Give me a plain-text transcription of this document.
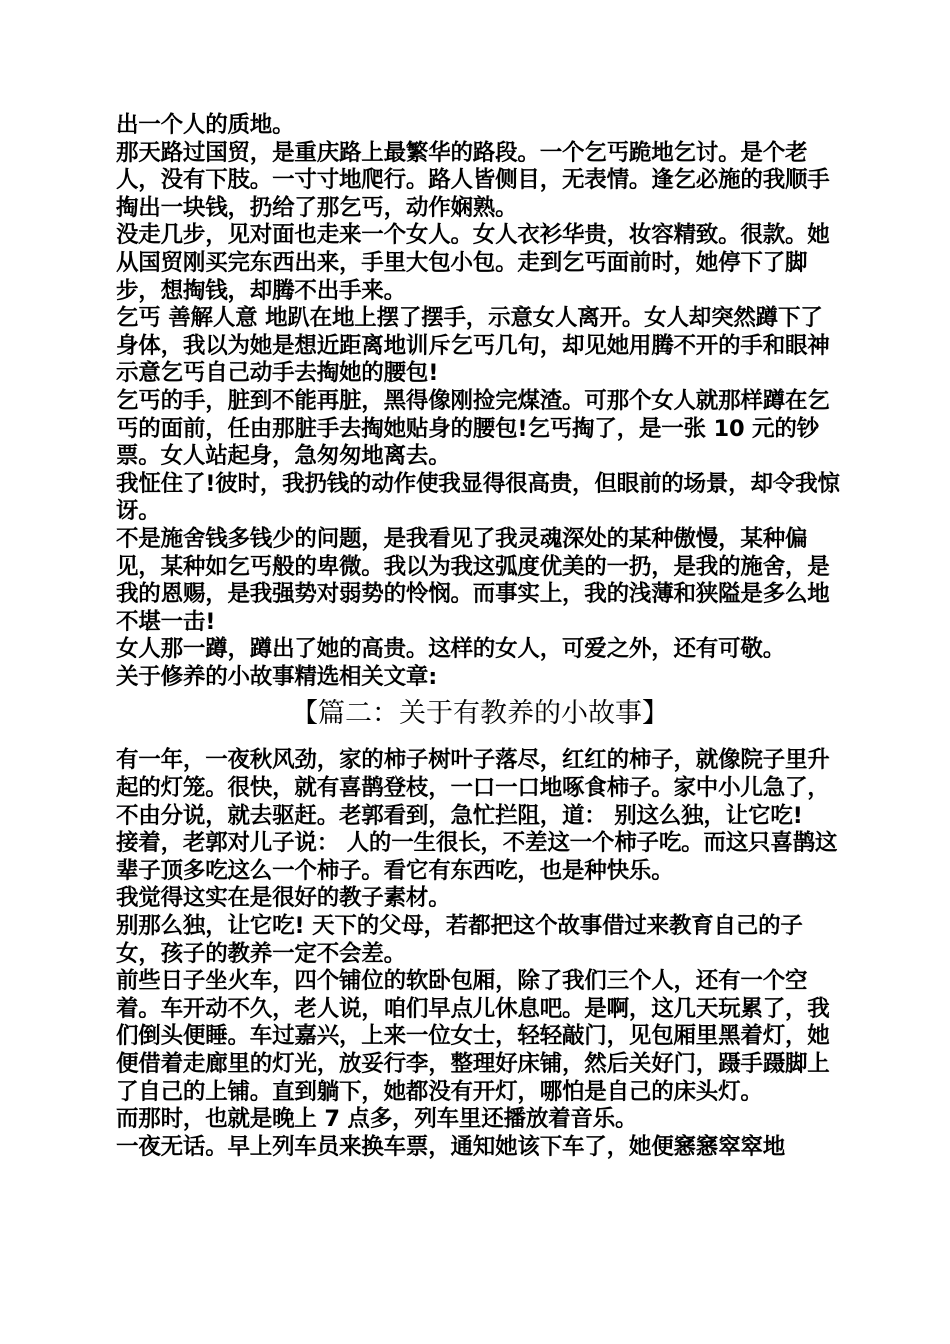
出一个人的质地。

那天路过国贸，是重庆路上最繁华的路段。一个乞丐跪地乞讨。是个老人，没有下肢。一寸寸地爬行。路人皆侧目，无表情。逢乞必施的我顺手掏出一块钱，扔给了那乞丐，动作娴熟。

没走几步，见对面也走来一个女人。女人衣衫华贵，妆容精致。很款。她从国贸刚买完东西出来，手里大包小包。走到乞丐面前时，她停下了脚步，想掏钱，却腾不出手来。

乞丐 善解人意 地趴在地上摆了摆手，示意女人离开。女人却突然蹲下了身体，我以为她是想近距离地训斥乞丐几句，却见她用腾不开的手和眼神示意乞丐自己动手去掏她的腰包!

乞丐的手，脏到不能再脏，黑得像刚捡完煤渣。可那个女人就那样蹲在乞丐的面前，任由那脏手去掏她贴身的腰包!乞丐掏了，是一张 10 元的钞票。女人站起身，急匆匆地离去。

我怔住了!彼时，我扔钱的动作使我显得很高贵，但眼前的场景，却令我惊讶。

不是施舍钱多钱少的问题，是我看见了我灵魂深处的某种傲慢，某种偏见，某种如乞丐般的卑微。我以为我这弧度优美的一扔，是我的施舍，是我的恩赐，是我强势对弱势的怜悯。而事实上，我的浅薄和狭隘是多么地不堪一击!

女人那一蹲，蹲出了她的高贵。这样的女人，可爱之外，还有可敬。

关于修养的小故事精选相关文章:

【篇二：关于有教养的小故事】

有一年，一夜秋风劲，家的柿子树叶子落尽，红红的柿子，就像院子里升起的灯笼。很快，就有喜鹊登枝，一口一口地啄食柿子。家中小儿急了，不由分说，就去驱赶。老郭看到，急忙拦阻，道： 别这么独，让它吃!

接着，老郭对儿子说： 人的一生很长，不差这一个柿子吃。而这只喜鹊这辈子顶多吃这么一个柿子。看它有东西吃，也是种快乐。

我觉得这实在是很好的教子素材。

别那么独，让它吃! 天下的父母，若都把这个故事借过来教育自己的子女，孩子的教养一定不会差。

前些日子坐火车，四个铺位的软卧包厢，除了我们三个人，还有一个空着。车开动不久，老人说，咱们早点儿休息吧。是啊，这几天玩累了，我们倒头便睡。车过嘉兴，上来一位女士，轻轻敲门，见包厢里黑着灯，她便借着走廊里的灯光，放妥行李，整理好床铺，然后关好门，蹑手蹑脚上了自己的上铺。直到躺下，她都没有开灯，哪怕是自己的床头灯。

而那时，也就是晚上 7 点多，列车里还播放着音乐。

一夜无话。早上列车员来换车票，通知她该下车了，她便窸窸窣窣地
